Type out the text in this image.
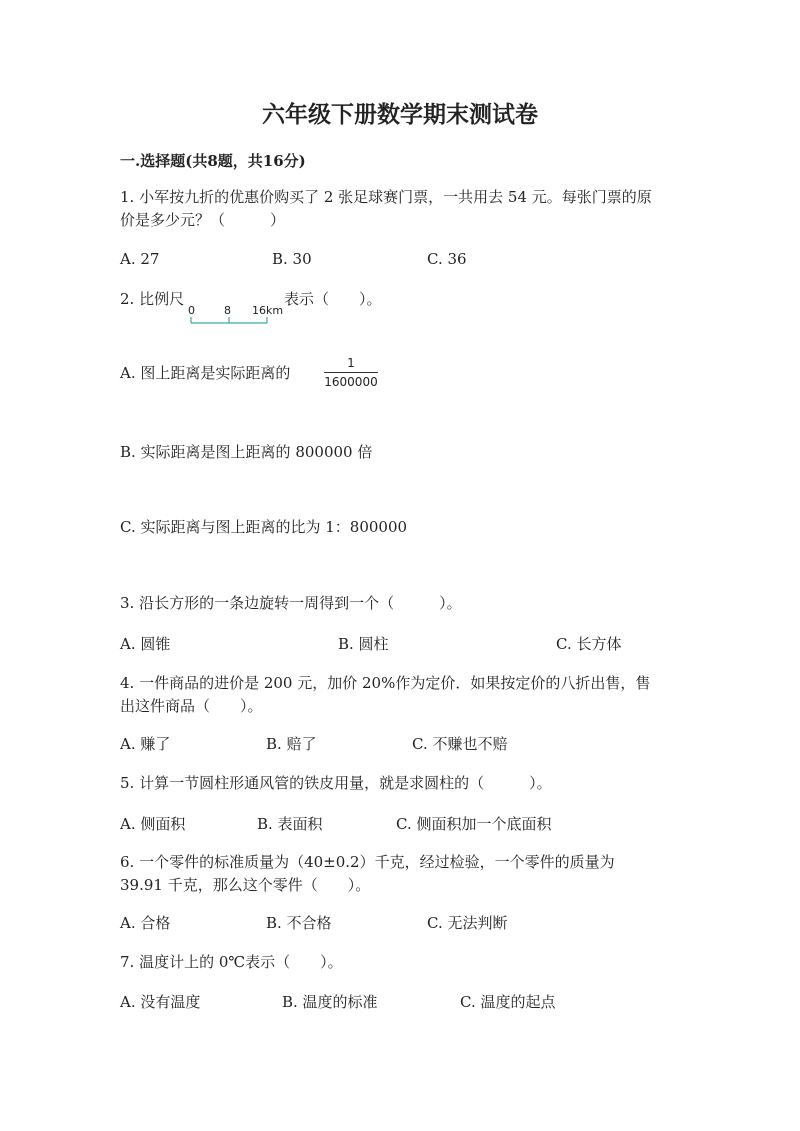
六年级下册数学期末测试卷
一.选择题(共8题，共16分)
1. 小军按九折的优惠价购买了 2 张足球赛门票，一共用去 54 元。每张门票的原
价是多少元？（　　　）
A. 27	B. 30	C. 36
2. 比例尺
0	8 16km
表示（　　）。
A. 图上距离是实际距离的
1
1600000
B. 实际距离是图上距离的 800000 倍
C. 实际距离与图上距离的比为 1：800000
3. 沿长方形的一条边旋转一周得到一个（　　　）。
A. 圆锥	B. 圆柱	C. 长方体
4. 一件商品的进价是 200 元，加价 20%作为定价．如果按定价的八折出售，售
出这件商品（　　）。
A. 赚了	B. 赔了	C. 不赚也不赔
5. 计算一节圆柱形通风管的铁皮用量，就是求圆柱的（　　　）。
A. 侧面积	B. 表面积	C. 侧面积加一个底面积
6. 一个零件的标准质量为（40±0.2）千克，经过检验，一个零件的质量为
39.91 千克，那么这个零件（　　）。
A. 合格	B. 不合格	C. 无法判断
7. 温度计上的 0℃表示（　　）。
A. 没有温度	B. 温度的标准	C. 温度的起点
